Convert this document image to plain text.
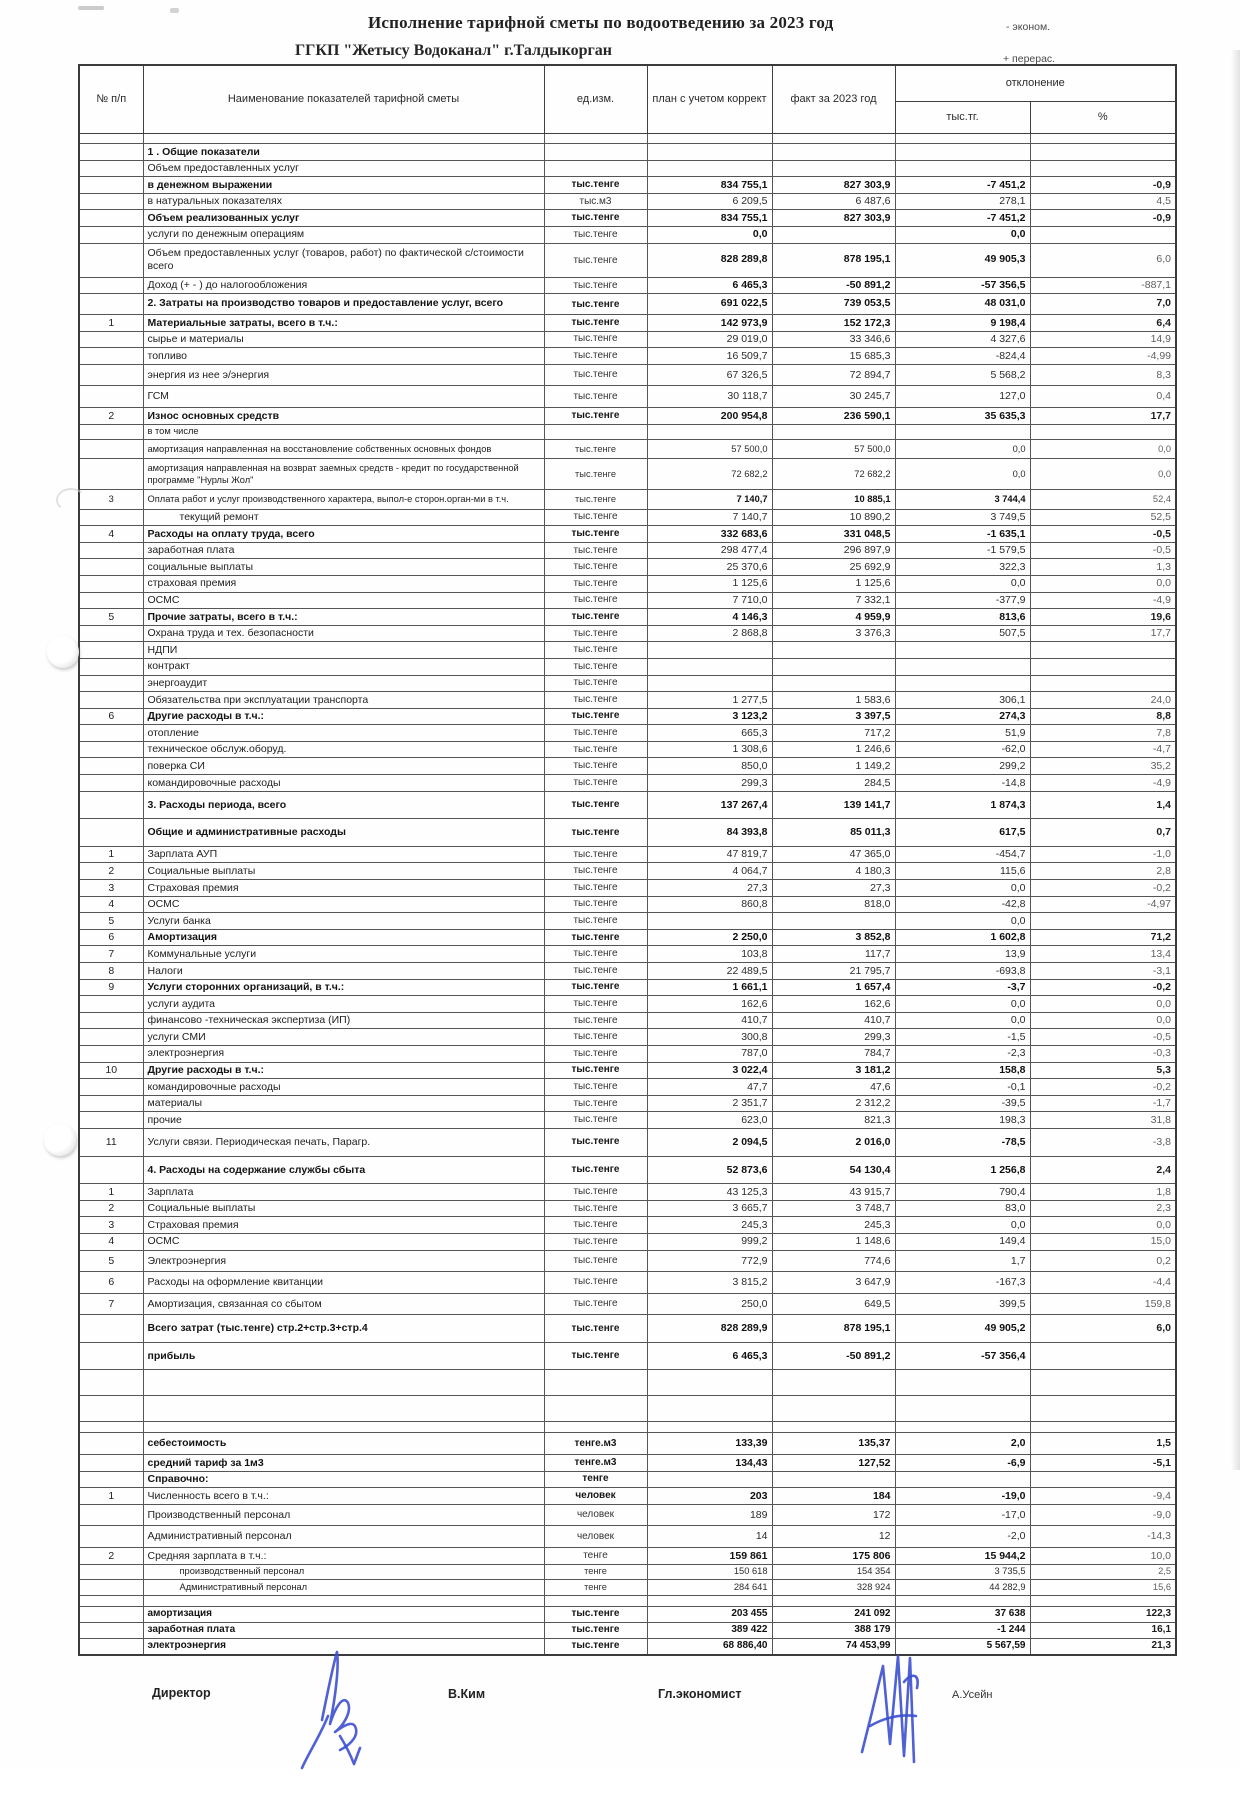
Исполнение тарифной сметы по водоотведению за 2023 год
ГГКП "Жетысу Водоканал" г.Талдыкорган
- эконом.
+ перерас.
№ п/п	Наименование показателей тарифной сметы	ед.изм.	план с учетом коррект	факт за 2023 год	отклонение	
					тыс.тг.	%

	1 . Общие показатели					
	Объем предоставленных услуг					
	в денежном выражении	тыс.тенге	834 755,1	827 303,9	-7 451,2	-0,9
	в натуральных показателях	тыс.м3	6 209,5	6 487,6	278,1	4,5
	Объем реализованных услуг	тыс.тенге	834 755,1	827 303,9	-7 451,2	-0,9
	услуги по денежным операциям	тыс.тенге	0,0		0,0	
	Объем предоставленных услуг (товаров, работ) по фактической с/стоимости всего	тыс.тенге	828 289,8	878 195,1	49 905,3	6,0
	Доход (+ - ) до налогообложения	тыс.тенге	6 465,3	-50 891,2	-57 356,5	-887,1
	2. Затраты на производство товаров и предоставление услуг, всего	тыс.тенге	691 022,5	739 053,5	48 031,0	7,0
1	Материальные затраты, всего в т.ч.:	тыс.тенге	142 973,9	152 172,3	9 198,4	6,4
	сырье и материалы	тыс.тенге	29 019,0	33 346,6	4 327,6	14,9
	топливо	тыс.тенге	16 509,7	15 685,3	-824,4	-4,99
	энергия из нее э/энергия	тыс.тенге	67 326,5	72 894,7	5 568,2	8,3
	ГСМ	тыс.тенге	30 118,7	30 245,7	127,0	0,4
2	Износ основных средств	тыс.тенге	200 954,8	236 590,1	35 635,3	17,7
	в том числе					
	амортизация направленная на восстановление собственных основных фондов	тыс.тенге	57 500,0	57 500,0	0,0	0,0
	амортизация направленная на возврат заемных средств - кредит по государственной программе "Нурлы Жол"	тыс.тенге	72 682,2	72 682,2	0,0	0,0
3	Оплата работ и услуг производственного характера, выпол-е сторон.орган-ми в т.ч.	тыс.тенге	7 140,7	10 885,1	3 744,4	52,4
	текущий ремонт	тыс.тенге	7 140,7	10 890,2	3 749,5	52,5
4	Расходы на оплату труда, всего	тыс.тенге	332 683,6	331 048,5	-1 635,1	-0,5
	заработная плата	тыс.тенге	298 477,4	296 897,9	-1 579,5	-0,5
	социальные выплаты	тыс.тенге	25 370,6	25 692,9	322,3	1,3
	страховая премия	тыс.тенге	1 125,6	1 125,6	0,0	0,0
	ОСМС	тыс.тенге	7 710,0	7 332,1	-377,9	-4,9
5	Прочие затраты, всего в т.ч.:	тыс.тенге	4 146,3	4 959,9	813,6	19,6
	Охрана труда и тех. безопасности	тыс.тенге	2 868,8	3 376,3	507,5	17,7
	НДПИ	тыс.тенге				
	контракт	тыс.тенге				
	энергоаудит	тыс.тенге				
	Обязательства при эксплуатации транспорта	тыс.тенге	1 277,5	1 583,6	306,1	24,0
6	Другие расходы в т.ч.:	тыс.тенге	3 123,2	3 397,5	274,3	8,8
	отопление	тыс.тенге	665,3	717,2	51,9	7,8
	техническое обслуж.оборуд.	тыс.тенге	1 308,6	1 246,6	-62,0	-4,7
	поверка СИ	тыс.тенге	850,0	1 149,2	299,2	35,2
	командировочные расходы	тыс.тенге	299,3	284,5	-14,8	-4,9
	3. Расходы периода, всего	тыс.тенге	137 267,4	139 141,7	1 874,3	1,4
	Общие и административные расходы	тыс.тенге	84 393,8	85 011,3	617,5	0,7
1	Зарплата АУП	тыс.тенге	47 819,7	47 365,0	-454,7	-1,0
2	Социальные выплаты	тыс.тенге	4 064,7	4 180,3	115,6	2,8
3	Страховая премия	тыс.тенге	27,3	27,3	0,0	-0,2
4	ОСМС	тыс.тенге	860,8	818,0	-42,8	-4,97
5	Услуги банка	тыс.тенге			0,0	
6	Амортизация	тыс.тенге	2 250,0	3 852,8	1 602,8	71,2
7	Коммунальные услуги	тыс.тенге	103,8	117,7	13,9	13,4
8	Налоги	тыс.тенге	22 489,5	21 795,7	-693,8	-3,1
9	Услуги сторонних организаций, в т.ч.:	тыс.тенге	1 661,1	1 657,4	-3,7	-0,2
	услуги аудита	тыс.тенге	162,6	162,6	0,0	0,0
	финансово -техническая экспертиза (ИП)	тыс.тенге	410,7	410,7	0,0	0,0
	услуги СМИ	тыс.тенге	300,8	299,3	-1,5	-0,5
	электроэнергия	тыс.тенге	787,0	784,7	-2,3	-0,3
10	Другие расходы в т.ч.:	тыс.тенге	3 022,4	3 181,2	158,8	5,3
	командировочные расходы	тыс.тенге	47,7	47,6	-0,1	-0,2
	материалы	тыс.тенге	2 351,7	2 312,2	-39,5	-1,7
	прочие	тыс.тенге	623,0	821,3	198,3	31,8
11	Услуги связи. Периодическая печать, Парагр.	тыс.тенге	2 094,5	2 016,0	-78,5	-3,8
	4. Расходы на содержание службы сбыта	тыс.тенге	52 873,6	54 130,4	1 256,8	2,4
1	Зарплата	тыс.тенге	43 125,3	43 915,7	790,4	1,8
2	Социальные выплаты	тыс.тенге	3 665,7	3 748,7	83,0	2,3
3	Страховая премия	тыс.тенге	245,3	245,3	0,0	0,0
4	ОСМС	тыс.тенге	999,2	1 148,6	149,4	15,0
5	Электроэнергия	тыс.тенге	772,9	774,6	1,7	0,2
6	Расходы на оформление квитанции	тыс.тенге	3 815,2	3 647,9	-167,3	-4,4
7	Амортизация, связанная со сбытом	тыс.тенге	250,0	649,5	399,5	159,8
	Всего затрат (тыс.тенге) стр.2+стр.3+стр.4	тыс.тенге	828 289,9	878 195,1	49 905,2	6,0
	прибыль	тыс.тенге	6 465,3	-50 891,2	-57 356,4	

	себестоимость	тенге.м3	133,39	135,37	2,0	1,5
	средний тариф за 1м3	тенге.м3	134,43	127,52	-6,9	-5,1
	Справочно:	тенге				
1	Численность всего в т.ч.:	человек	203	184	-19,0	-9,4
	Производственный персонал	человек	189	172	-17,0	-9,0
	Административный персонал	человек	14	12	-2,0	-14,3
2	Средняя зарплата в т.ч.:	тенге	159 861	175 806	15 944,2	10,0
	производственный персонал	тенге	150 618	154 354	3 735,5	2,5
	Административный персонал	тенге	284 641	328 924	44 282,9	15,6

	амортизация	тыс.тенге	203 455	241 092	37 638	122,3
	заработная плата	тыс.тенге	389 422	388 179	-1 244	16,1
	электроэнергия	тыс.тенге	68 886,40	74 453,99	5 567,59	21,3
Директор	В.Ким	Гл.экономист	А.Усейн
